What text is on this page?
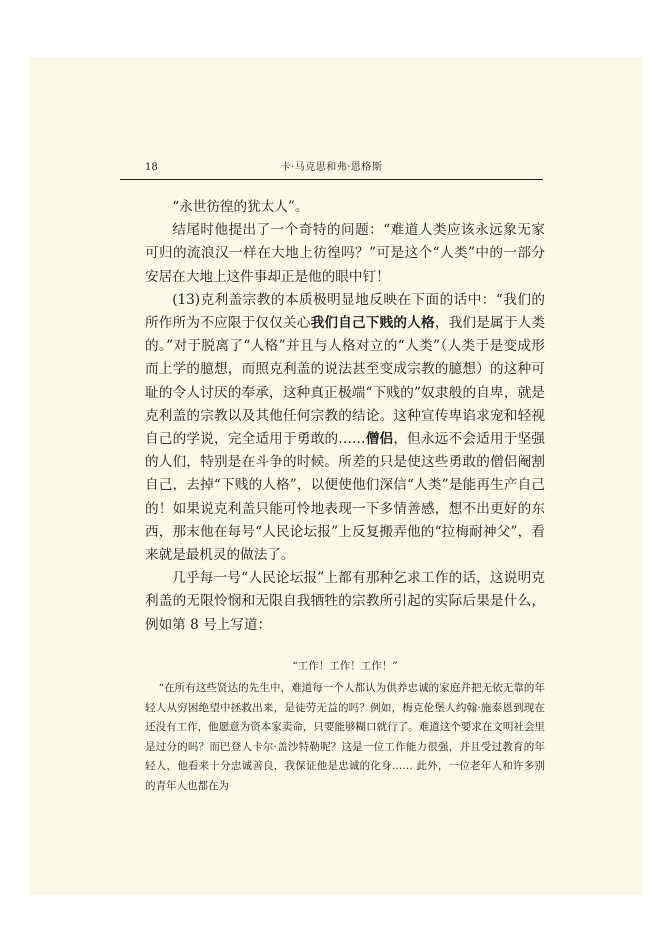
18	卡·马克思和弗·恩格斯

“永世彷徨的犹太人”。

结尾时他提出了一个奇特的问题：“难道人类应该永远象无家可归的流浪汉一样在大地上彷徨吗？”可是这个“人类”中的一部分安居在大地上这件事却正是他的眼中钉！

(13)克利盖宗教的本质极明显地反映在下面的话中：“我们的所作所为不应限于仅仅关心我们自己下贱的人格，我们是属于人类的。”对于脱离了“人格”并且与人格对立的“人类”（人类于是变成形而上学的臆想，而照克利盖的说法甚至变成宗教的臆想）的这种可耻的令人讨厌的奉承，这种真正极端“下贱的”奴隶般的自卑，就是克利盖的宗教以及其他任何宗教的结论。这种宣传卑谄求宠和轻视自己的学说，完全适用于勇敢的……僧侣，但永远不会适用于坚强的人们，特别是在斗争的时候。所差的只是使这些勇敢的僧侣阉割自己，去掉“下贱的人格”，以便使他们深信“人类”是能再生产自己的！如果说克利盖只能可怜地表现一下多情善感，想不出更好的东西，那末他在每号“人民论坛报”上反复搬弄他的“拉梅耐神父”，看来就是最机灵的做法了。

几乎每一号“人民论坛报”上都有那种乞求工作的话，这说明克利盖的无限怜悯和无限自我牺牲的宗教所引起的实际后果是什么，例如第 8 号上写道：

“工作！工作！工作！”

“在所有这些贤达的先生中，难道每一个人都认为供养忠诚的家庭并把无依无靠的年轻人从穷困绝望中拯救出来，是徒劳无益的吗？例如，梅克伦堡人约翰·施泰恩到现在还没有工作，他愿意为资本家卖命，只要能够糊口就行了。难道这个要求在文明社会里是过分的吗？而巴登人卡尔·盖沙特勒呢？这是一位工作能力很强，并且受过教育的年轻人，他看来十分忠诚善良，我保证他是忠诚的化身…… 此外，一位老年人和许多别的青年人也都在为
